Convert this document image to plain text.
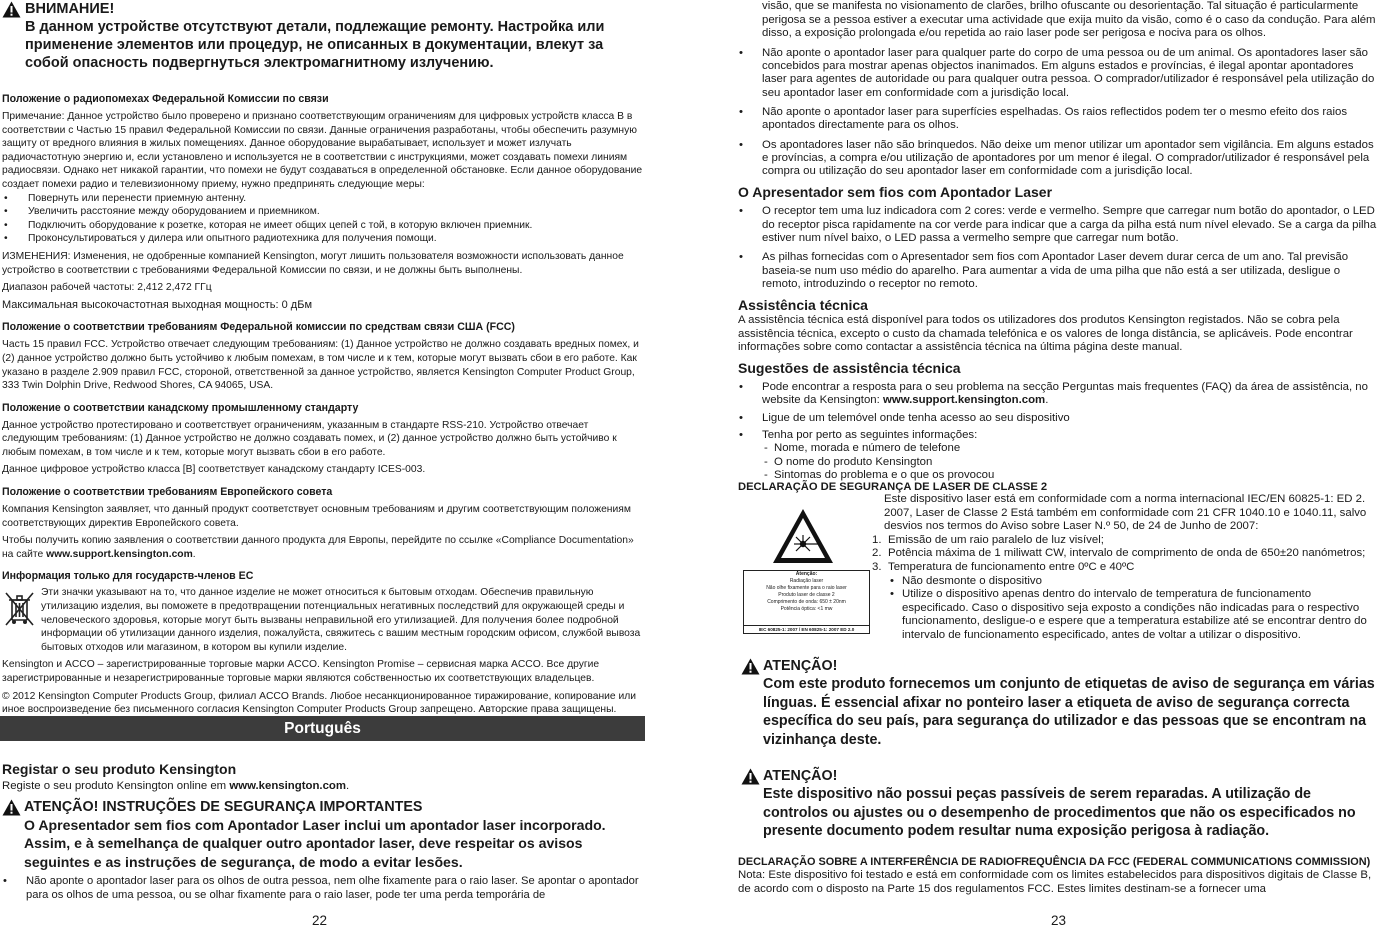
ВНИМАНИЕ!
В данном устройстве отсутствуют детали, подлежащие ремонту. Настройка или применение элементов или процедур, не описанных в документации, влекут за собой опасность подвергнуться электромагнитному излучению.
Положение о радиопомехах Федеральной Комиссии по связи

Примечание: Данное устройство было проверено и признано соответствующим ограничениям для цифровых устройств класса B в соответствии с Частью 15 правил Федеральной Комиссии по связи. Данные ограничения разработаны, чтобы обеспечить разумную защиту от вредного влияния в жилых помещениях. Данное оборудование вырабатывает, использует и может излучать радиочастотную энергию и, если установлено и используется не в соответствии с инструкциями, может создавать помехи линиям радиосвязи. Однако нет никакой гарантии, что помехи не будут создаваться в определенной обстановке. Если данное оборудование создает помехи радио и телевизионному приему, нужно предпринять следующие меры:

• Повернуть или перенести приемную антенну.
• Увеличить расстояние между оборудованием и приемником.
• Подключить оборудование к розетке, которая не имеет общих цепей с той, в которую включен приемник.
• Проконсультироваться у дилера или опытного радиотехника для получения помощи.

ИЗМЕНЕНИЯ: Изменения, не одобренные компанией Kensington, могут лишить пользователя возможности использовать данное устройство в соответствии с требованиями Федеральной Комиссии по связи, и не должны быть выполнены.

Диапазон рабочей частоты: 2,412 2,472 ГГц

Максимальная высокочастотная выходная мощность: 0 дБм

Положение о соответствии требованиям Федеральной комиссии по средствам связи США (FCC)

Часть 15 правил FCC. Устройство отвечает следующим требованиям: (1) Данное устройство не должно создавать вредных помех, и (2) данное устройство должно быть устойчиво к любым помехам, в том числе и к тем, которые могут вызвать сбои в его работе. Как указано в разделе 2.909 правил FCC, стороной, ответственной за данное устройство, является Kensington Computer Product Group, 333 Twin Dolphin Drive, Redwood Shores, CA 94065, USA.

Положение о соответствии канадскому промышленному стандарту

Данное устройство протестировано и соответствует ограничениям, указанным в стандарте RSS-210. Устройство отвечает следующим требованиям: (1) Данное устройство не должно создавать помех, и (2) данное устройство должно быть устойчиво к любым помехам, в том числе и к тем, которые могут вызвать сбои в его работе.

Данное цифровое устройство класса [B] соответствует канадскому стандарту ICES-003.

Положение о соответствии требованиям Европейского совета

Компания Kensington заявляет, что данный продукт соответствует основным требованиям и другим соответствующим положениям соответствующих директив Европейского совета.

Чтобы получить копию заявления о соответствии данного продукта для Европы, перейдите по ссылке «Compliance Documentation» на сайте www.support.kensington.com.

Информация только для государств-членов ЕС

Эти значки указывают на то, что данное изделие не может относиться к бытовым отходам. Обеспечив правильную утилизацию изделия, вы поможете в предотвращении потенциальных негативных последствий для окружающей среды и человеческого здоровья, которые могут быть вызваны неправильной его утилизацией. Для получения более подробной информации об утилизации данного изделия, пожалуйста, свяжитесь с вашим местным городским офисом, службой вывоза бытовых отходов или магазином, в котором вы купили изделие.

Kensington и ACCO – зарегистрированные торговые марки ACCO. Kensington Promise – сервисная марка ACCO. Все другие зарегистрированные и незарегистрированные торговые марки являются собственностью их соответствующих владельцев.

© 2012 Kensington Computer Products Group, филиал ACCO Brands. Любое несанкционированное тиражирование, копирование или иное воспроизведение без письменного согласия Kensington Computer Products Group запрещено. Авторские права защищены.

Português
Registar o seu produto Kensington

Registe o seu produto Kensington online em www.kensington.com.

ATENÇÃO! INSTRUÇÕES DE SEGURANÇA IMPORTANTES
O Apresentador sem fios com Apontador Laser inclui um apontador laser incorporado. Assim, e à semelhança de qualquer outro apontador laser, deve respeitar os avisos seguintes e as instruções de segurança, de modo a evitar lesões.
• Não aponte o apontador laser para os olhos de outra pessoa, nem olhe fixamente para o raio laser. Se apontar o apontador para os olhos de uma pessoa, ou se olhar fixamente para o raio laser, pode ter uma perda temporária de
22

visão, que se manifesta no visionamento de clarões, brilho ofuscante ou desorientação. Tal situação é particularmente perigosa se a pessoa estiver a executar uma actividade que exija muito da visão, como é o caso da condução. Para além disso, a exposição prolongada e/ou repetida ao raio laser pode ser perigosa e nociva para os olhos.

• Não aponte o apontador laser para qualquer parte do corpo de uma pessoa ou de um animal. Os apontadores laser são concebidos para mostrar apenas objectos inanimados. Em alguns estados e províncias, é ilegal apontar apontadores laser para agentes de autoridade ou para qualquer outra pessoa. O comprador/utilizador é responsável pela utilização do seu apontador laser em conformidade com a jurisdição local.
• Não aponte o apontador laser para superfícies espelhadas. Os raios reflectidos podem ter o mesmo efeito dos raios apontados directamente para os olhos.
• Os apontadores laser não são brinquedos. Não deixe um menor utilizar um apontador sem vigilância. Em alguns estados e províncias, a compra e/ou utilização de apontadores por um menor é ilegal. O comprador/utilizador é responsável pela compra ou utilização do seu apontador laser em conformidade com a jurisdição local.
O Apresentador sem fios com Apontador Laser
• O receptor tem uma luz indicadora com 2 cores: verde e vermelho. Sempre que carregar num botão do apontador, o LED do receptor pisca rapidamente na cor verde para indicar que a carga da pilha está num nível elevado. Se a carga da pilha estiver num nível baixo, o LED passa a vermelho sempre que carregar num botão.
• As pilhas fornecidas com o Apresentador sem fios com Apontador Laser devem durar cerca de um ano. Tal previsão baseia-se num uso médio do aparelho. Para aumentar a vida de uma pilha que não está a ser utilizada, desligue o remoto, introduzindo o receptor no remoto.
Assistência técnica

A assistência técnica está disponível para todos os utilizadores dos produtos Kensington registados. Não se cobra pela assistência técnica, excepto o custo da chamada telefónica e os valores de longa distância, se aplicáveis. Pode encontrar informações sobre como contactar a assistência técnica na última página deste manual.

Sugestões de assistência técnica
• Pode encontrar a resposta para o seu problema na secção Perguntas mais frequentes (FAQ) da área de assistência, no website da Kensington: www.support.kensington.com.
• Ligue de um telemóvel onde tenha acesso ao seu dispositivo
• Tenha por perto as seguintes informações:
- Nome, morada e número de telefone
- O nome do produto Kensington
- Sintomas do problema e o que os provocou
DECLARAÇÃO DE SEGURANÇA DE LASER DE CLASSE 2
Atenção:
Radiação laser
Não olhe fixamente para o raio laser
Produto laser de classe 2
Comprimento de onda: 650 ± 20nm
Potência óptica: <1 mw
IEC 60825-1: 2007 / EN 60825-1: 2007 ED 2.0

Este dispositivo laser está em conformidade com a norma internacional IEC/EN 60825-1: ED 2. 2007, Laser de Classe 2 Está também em conformidade com 21 CFR 1040.10 e 1040.11, salvo desvios nos termos do Aviso sobre Laser N.º 50, de 24 de Junho de 2007:

1. Emissão de um raio paralelo de luz visível;
2. Potência máxima de 1 miliwatt CW, intervalo de comprimento de onda de 650±20 nanómetros;
3. Temperatura de funcionamento entre 0ºC e 40ºC
• Não desmonte o dispositivo
• Utilize o dispositivo apenas dentro do intervalo de temperatura de funcionamento especificado. Caso o dispositivo seja exposto a condições não indicadas para o respectivo funcionamento, desligue-o e espere que a temperatura estabilize até se encontrar dentro do intervalo de funcionamento especificado, antes de voltar a utilizar o dispositivo.
ATENÇÃO!
Com este produto fornecemos um conjunto de etiquetas de aviso de segurança em várias línguas. É essencial afixar no ponteiro laser a etiqueta de aviso de segurança correcta específica do seu país, para segurança do utilizador e das pessoas que se encontram na vizinhança deste.
ATENÇÃO!
Este dispositivo não possui peças passíveis de serem reparadas. A utilização de controlos ou ajustes ou o desempenho de procedimentos que não os especificados no presente documento podem resultar numa exposição perigosa à radiação.
DECLARAÇÃO SOBRE A INTERFERÊNCIA DE RADIOFREQUÊNCIA DA FCC (FEDERAL COMMUNICATIONS COMMISSION)

Nota: Este dispositivo foi testado e está em conformidade com os limites estabelecidos para dispositivos digitais de Classe B, de acordo com o disposto na Parte 15 dos regulamentos FCC. Estes limites destinam-se a fornecer uma

23
